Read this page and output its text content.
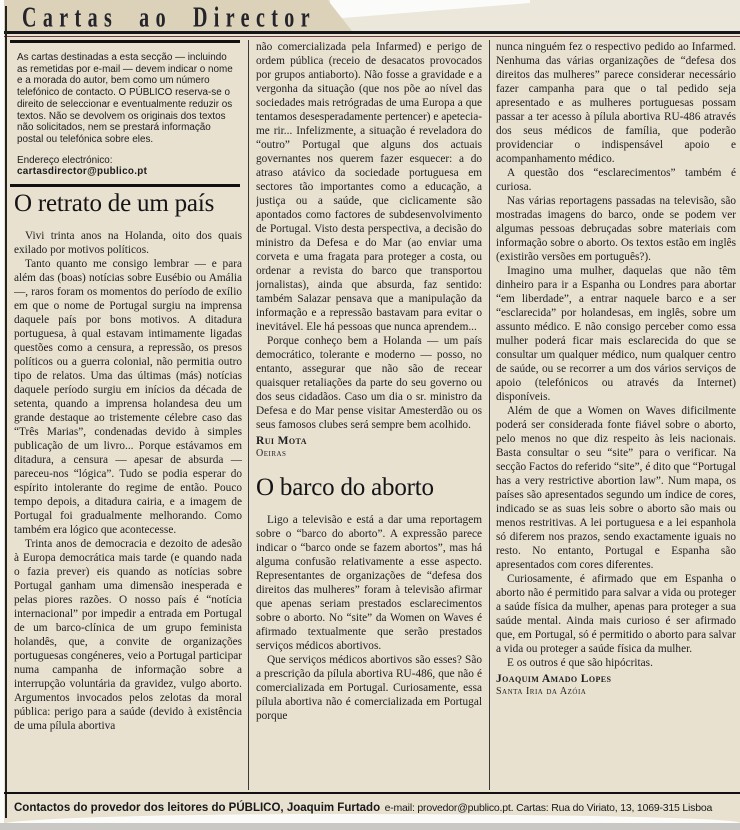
Cartas ao Director

As cartas destinadas a esta secção — incluindo as remetidas por e-mail — devem indicar o nome e a morada do autor, bem como um número telefónico de contacto. O PÚBLICO reserva-se o direito de seleccionar e eventualmente reduzir os textos. Não se devolvem os originais dos textos não solicitados, nem se prestará informação postal ou telefónica sobre eles.

Endereço electrónico:

cartasdirector@publico.pt

O retrato de um país

Vivi trinta anos na Holanda, oito dos quais exilado por motivos políticos.

Tanto quanto me consigo lembrar — e para além das (boas) notícias sobre Eusébio ou Amália —, raros foram os momentos do período de exílio em que o nome de Portugal surgiu na imprensa daquele país por bons motivos. A ditadura portuguesa, à qual estavam intimamente ligadas questões como a censura, a repressão, os presos políticos ou a guerra colonial, não permitia outro tipo de relatos. Uma das últimas (más) notícias daquele período surgiu em inícios da década de setenta, quando a imprensa holandesa deu um grande destaque ao tristemente célebre caso das “Três Marias”, condenadas devido à simples publicação de um livro... Porque estávamos em ditadura, a censura — apesar de absurda — pareceu-nos “lógica”. Tudo se podia esperar do espírito intolerante do regime de então. Pouco tempo depois, a ditadura cairia, e a imagem de Portugal foi gradualmente melhorando. Como também era lógico que acontecesse.

Trinta anos de democracia e dezoito de adesão à Europa democrática mais tarde (e quando nada o fazia prever) eis quando as notícias sobre Portugal ganham uma dimensão inesperada e pelas piores razões. O nosso país é “notícia internacional” por impedir a entrada em Portugal de um barco-clínica de um grupo feminista holandês, que, a convite de organizações portuguesas congéneres, veio a Portugal participar numa campanha de informação sobre a interrupção voluntária da gravidez, vulgo aborto. Argumentos invocados pelos zelotas da moral pública: perigo para a saúde (devido à existência de uma pílula abortiva

não comercializada pela Infarmed) e perigo de ordem pública (receio de desacatos provocados por grupos antiaborto). Não fosse a gravidade e a vergonha da situação (que nos põe ao nível das sociedades mais retrógradas de uma Europa a que tentamos desesperadamente pertencer) e apetecia-me rir... Infelizmente, a situação é reveladora do “outro” Portugal que alguns dos actuais governantes nos querem fazer esquecer: a do atraso atávico da sociedade portuguesa em sectores tão importantes como a educação, a justiça ou a saúde, que ciclicamente são apontados como factores de subdesenvolvimento de Portugal. Visto desta perspectiva, a decisão do ministro da Defesa e do Mar (ao enviar uma corveta e uma fragata para proteger a costa, ou ordenar a revista do barco que transportou jornalistas), ainda que absurda, faz sentido: também Salazar pensava que a manipulação da informação e a repressão bastavam para evitar o inevitável. Ele há pessoas que nunca aprendem...

Porque conheço bem a Holanda — um país democrático, tolerante e moderno — posso, no entanto, assegurar que não são de recear quaisquer retaliações da parte do seu governo ou dos seus cidadãos. Caso um dia o sr. ministro da Defesa e do Mar pense visitar Amesterdão ou os seus famosos clubes será sempre bem acolhido.

Rui Mota
Oeiras
O barco do aborto

Ligo a televisão e está a dar uma reportagem sobre o “barco do aborto”. A expressão parece indicar o “barco onde se fazem abortos”, mas há alguma confusão relativamente a esse aspecto. Representantes de organizações de “defesa dos direitos das mulheres” foram à televisão afirmar que apenas seriam prestados esclarecimentos sobre o aborto. No “site” da Women on Waves é afirmado textualmente que serão prestados serviços médicos abortivos.

Que serviços médicos abortivos são esses? São a prescrição da pílula abortiva RU-486, que não é comercializada em Portugal. Curiosamente, essa pílula abortiva não é comercializada em Portugal porque

nunca ninguém fez o respectivo pedido ao Infarmed. Nenhuma das várias organizações de “defesa dos direitos das mulheres” parece considerar necessário fazer campanha para que o tal pedido seja apresentado e as mulheres portuguesas possam passar a ter acesso à pílula abortiva RU-486 através dos seus médicos de família, que poderão providenciar o indispensável apoio e acompanhamento médico.

A questão dos “esclarecimentos” também é curiosa.

Nas várias reportagens passadas na televisão, são mostradas imagens do barco, onde se podem ver algumas pessoas debruçadas sobre materiais com informação sobre o aborto. Os textos estão em inglês (existirão versões em português?).

Imagino uma mulher, daquelas que não têm dinheiro para ir a Espanha ou Londres para abortar “em liberdade”, a entrar naquele barco e a ser “esclarecida” por holandesas, em inglês, sobre um assunto médico. E não consigo perceber como essa mulher poderá ficar mais esclarecida do que se consultar um qualquer médico, num qualquer centro de saúde, ou se recorrer a um dos vários serviços de apoio (telefónicos ou através da Internet) disponíveis.

Além de que a Women on Waves dificilmente poderá ser considerada fonte fiável sobre o aborto, pelo menos no que diz respeito às leis nacionais. Basta consultar o seu “site” para o verificar. Na secção Factos do referido “site”, é dito que “Portugal has a very restrictive abortion law”. Num mapa, os países são apresentados segundo um índice de cores, indicado se as suas leis sobre o aborto são mais ou menos restritivas. A lei portuguesa e a lei espanhola só diferem nos prazos, sendo exactamente iguais no resto. No entanto, Portugal e Espanha são apresentados com cores diferentes.

Curiosamente, é afirmado que em Espanha o aborto não é permitido para salvar a vida ou proteger a saúde física da mulher, apenas para proteger a sua saúde mental. Ainda mais curioso é ser afirmado que, em Portugal, só é permitido o aborto para salvar a vida ou proteger a saúde física da mulher.

E os outros é que são hipócritas.

Joaquim Amado Lopes
Santa Iria da Azóia
Contactos do provedor dos leitores do PÚBLICO, Joaquim Furtado e-mail: provedor@publico.pt. Cartas: Rua do Viriato, 13, 1069-315 Lisboa
